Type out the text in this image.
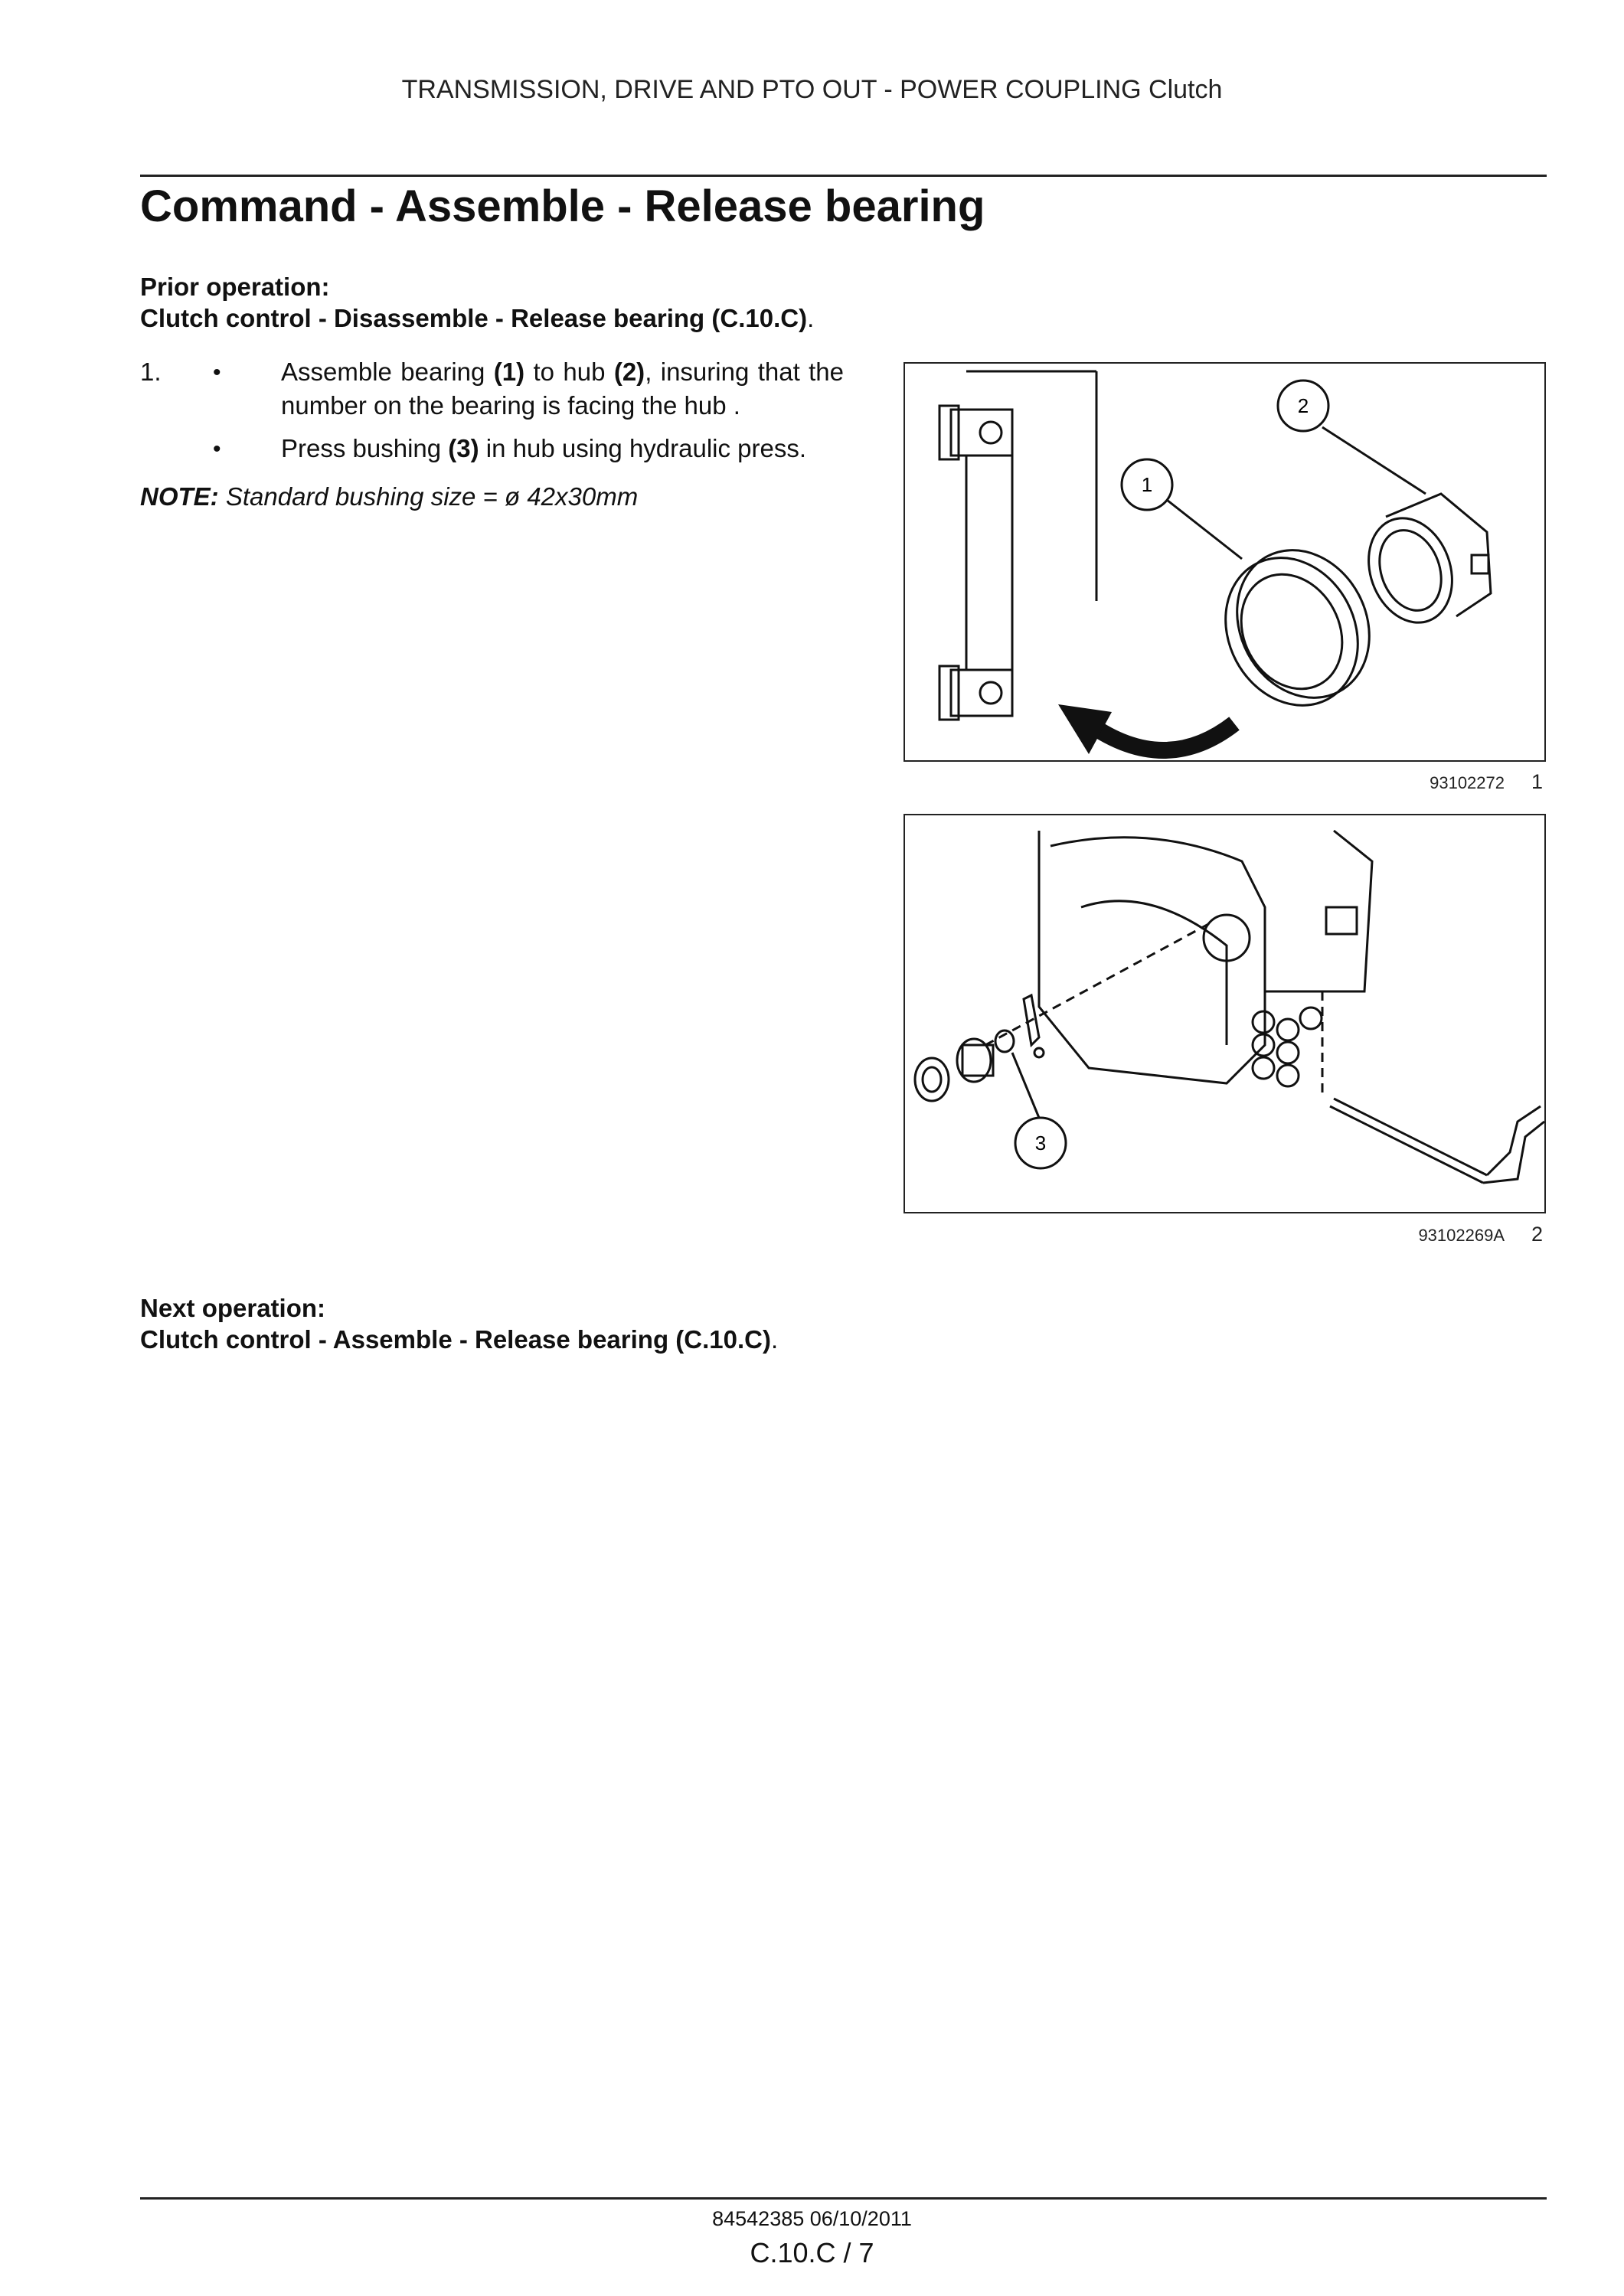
TRANSMISSION, DRIVE AND PTO OUT - POWER COUPLING Clutch
Command - Assemble - Release bearing
Prior operation:
Clutch control - Disassemble - Release bearing (C.10.C).
1. • Assemble bearing (1) to hub (2), insuring that the number on the bearing is facing the hub .
• Press bushing (3) in hub using hydraulic press.
NOTE: Standard bushing size = ø 42x30mm	1
2
93102272 1
3
93102269A 2
Next operation:
Clutch control - Assemble - Release bearing (C.10.C).
84542385 06/10/2011
C.10.C / 7
